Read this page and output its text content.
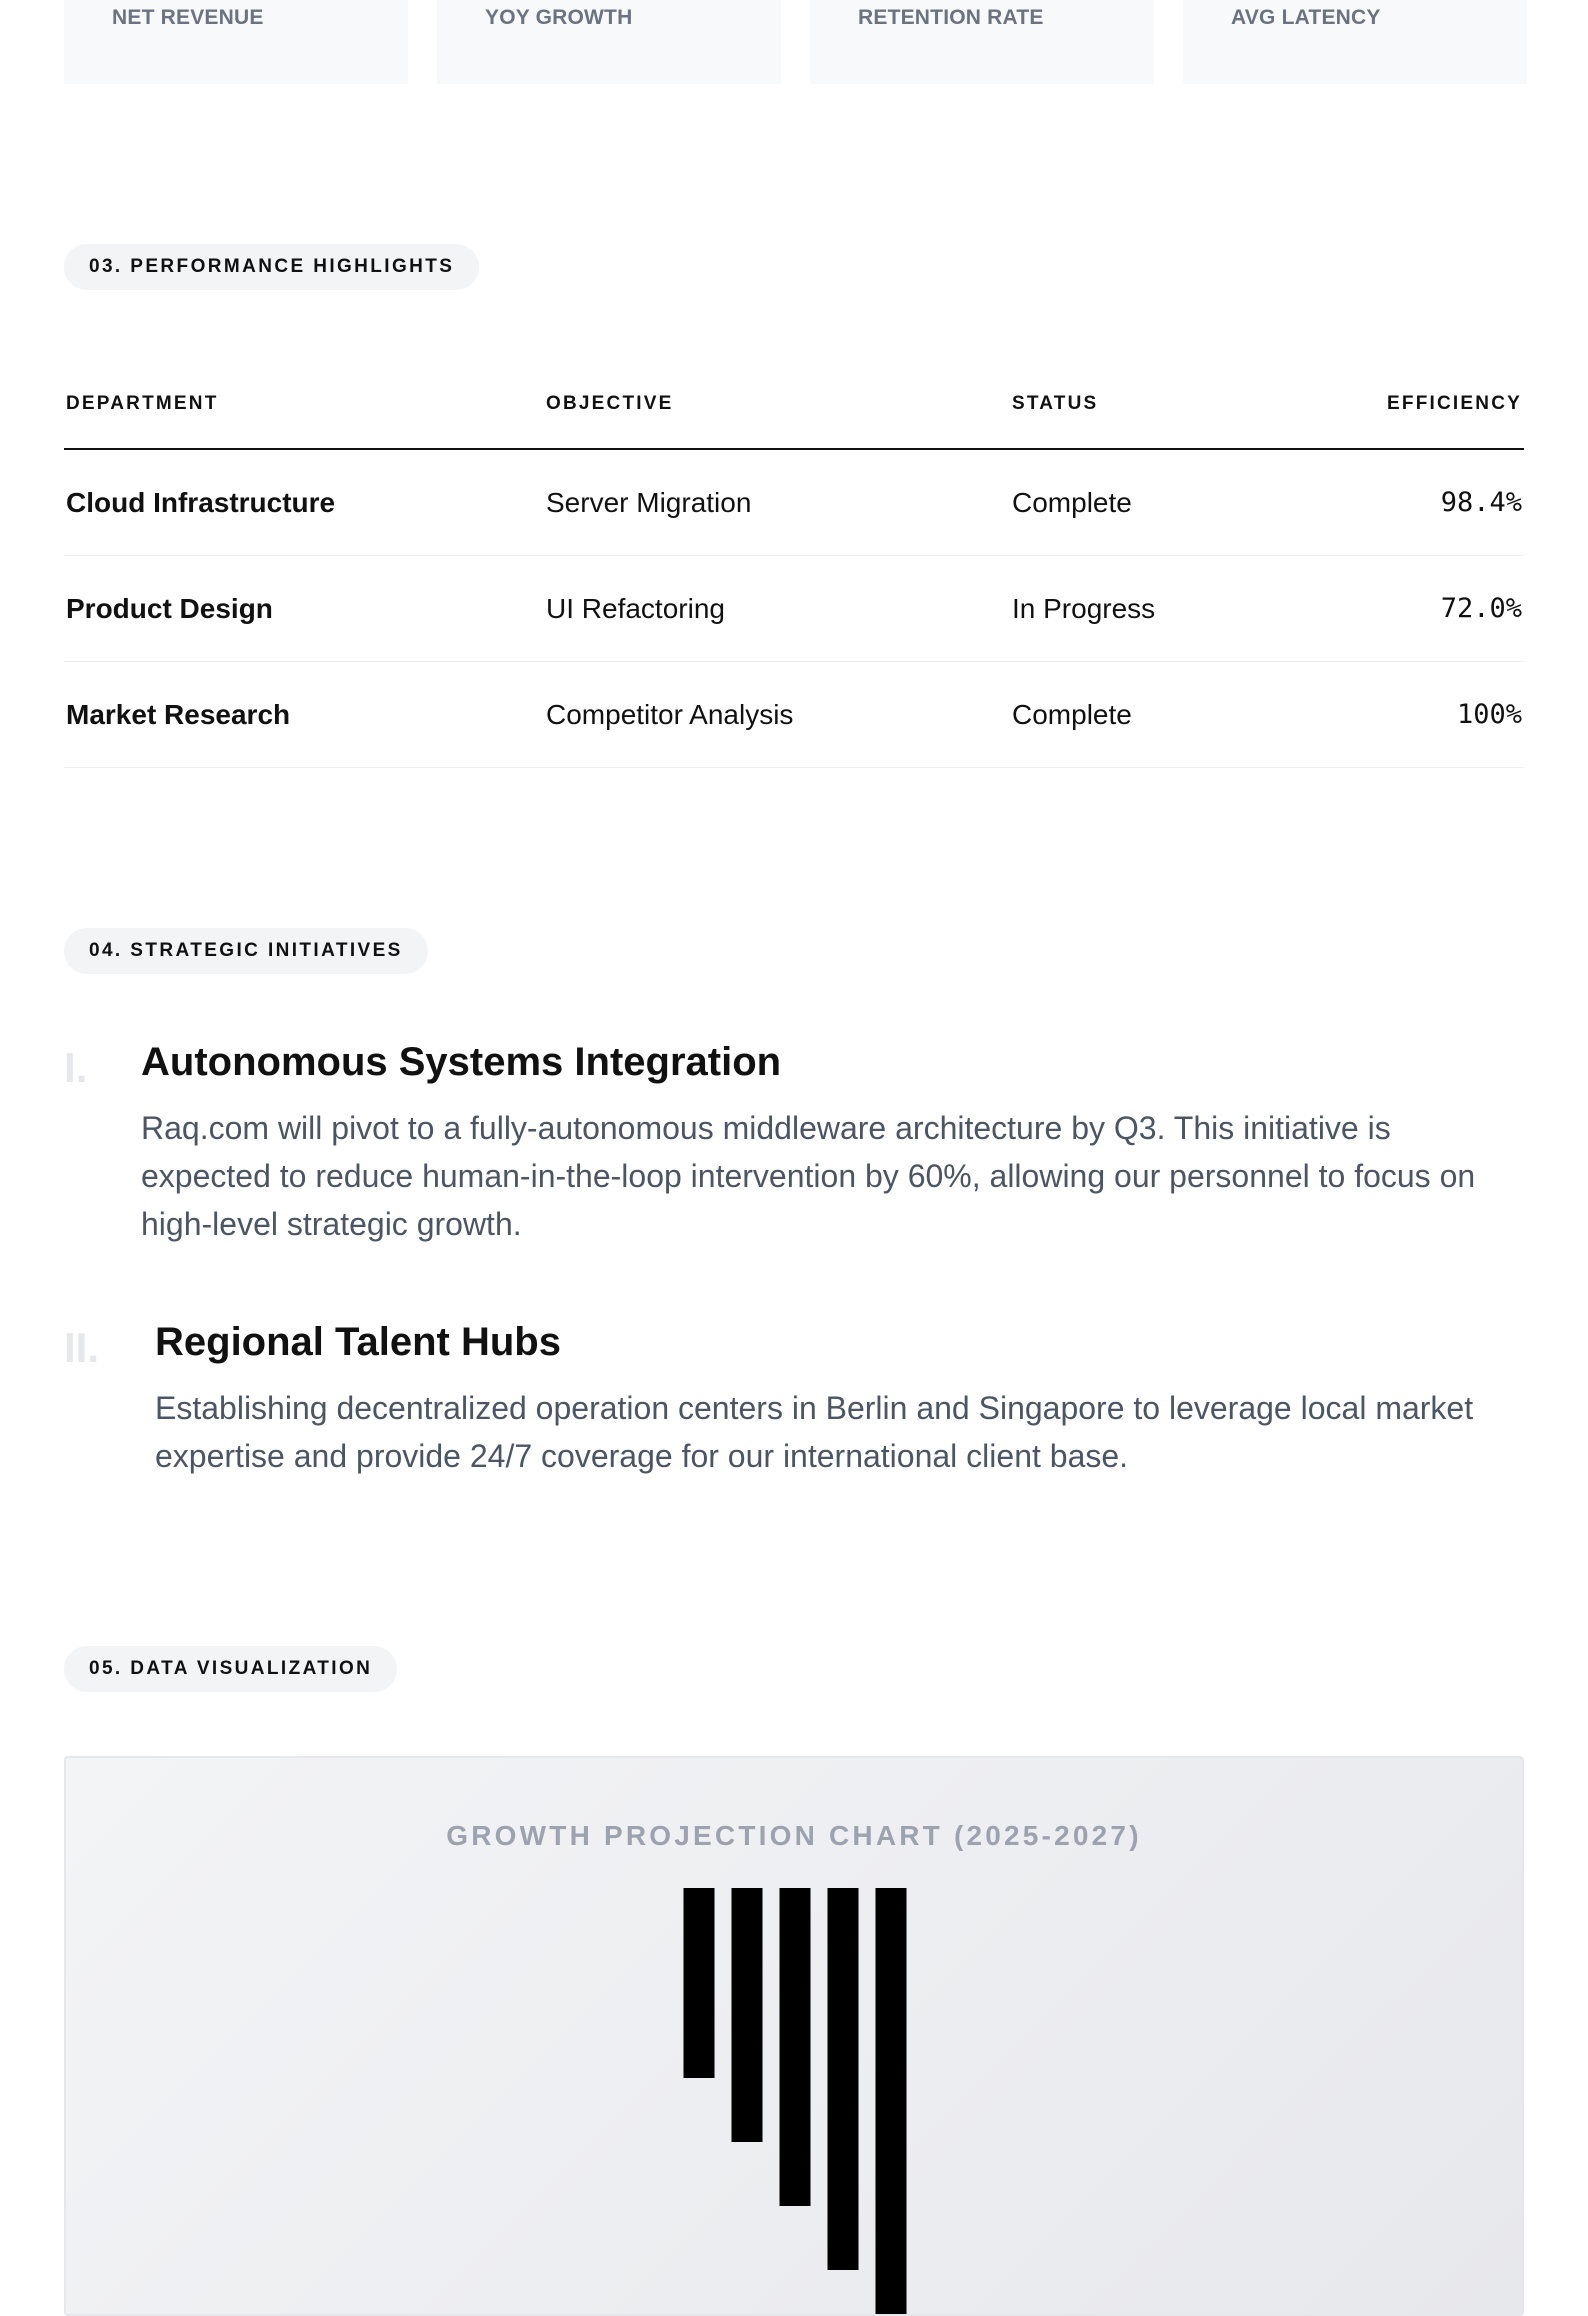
NET REVENUE	YOY GROWTH	RETENTION RATE	AVG LATENCY
03. PERFORMANCE HIGHLIGHTS
DEPARTMENT	OBJECTIVE	STATUS	EFFICIENCY
Cloud Infrastructure	Server Migration	Complete	98.4%
Product Design	UI Refactoring	In Progress	72.0%
Market Research	Competitor Analysis	Complete	100%
04. STRATEGIC INITIATIVES
I. Autonomous Systems Integration
Raq.com will pivot to a fully-autonomous middleware architecture by Q3. This initiative is expected to reduce human-in-the-loop intervention by 60%, allowing our personnel to focus on high-level strategic growth.
II. Regional Talent Hubs
Establishing decentralized operation centers in Berlin and Singapore to leverage local market expertise and provide 24/7 coverage for our international client base.
05. DATA VISUALIZATION
GROWTH PROJECTION CHART (2025-2027)
